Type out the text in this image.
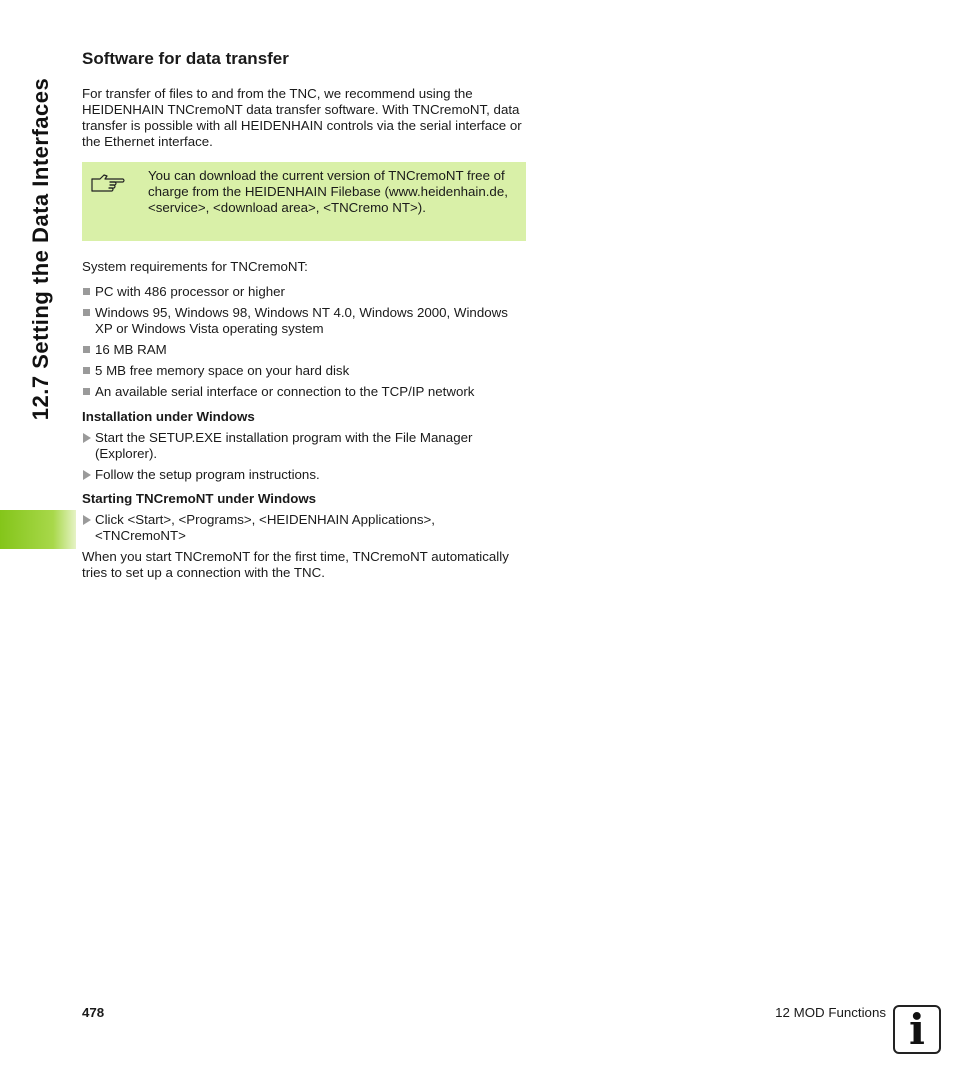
12.7 Setting the Data Interfaces
Software for data transfer

For transfer of files to and from the TNC, we recommend using the HEIDENHAIN TNCremoNT data transfer software. With TNCremoNT, data transfer is possible with all HEIDENHAIN controls via the serial interface or the Ethernet interface.

You can download the current version of TNCremoNT free of charge from the HEIDENHAIN Filebase (www.heidenhain.de, <service>, <download area>, <TNCremo NT>).

System requirements for TNCremoNT:

PC with 486 processor or higher
Windows 95, Windows 98, Windows NT 4.0, Windows 2000, Windows XP or Windows Vista operating system
16 MB RAM
5 MB free memory space on your hard disk
An available serial interface or connection to the TCP/IP network
Installation under Windows
Start the SETUP.EXE installation program with the File Manager (Explorer).
Follow the setup program instructions.
Starting TNCremoNT under Windows
Click <Start>, <Programs>, <HEIDENHAIN Applications>, <TNCremoNT>

When you start TNCremoNT for the first time, TNCremoNT automatically tries to set up a connection with the TNC.

478	12 MOD Functions i
